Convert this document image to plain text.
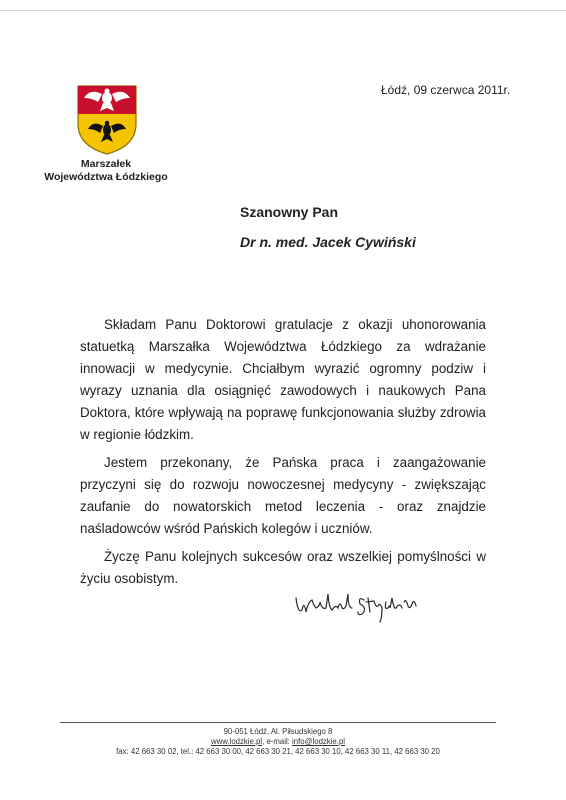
Marszałek
Województwa Łódzkiego
Łódź, 09 czerwca 2011r.
Szanowny Pan
Dr n. med. Jacek Cywiński

Składam Panu Doktorowi gratulacje z okazji uhonorowania statuetką Marszałka Województwa Łódzkiego za wdrażanie innowacji w medycynie. Chciałbym wyrazić ogromny podziw i wyrazy uznania dla osiągnięć zawodowych i naukowych Pana Doktora, które wpływają na poprawę funkcjonowania służby zdrowia w regionie łódzkim.

Jestem przekonany, że Pańska praca i zaangażowanie przyczyni się do rozwoju nowoczesnej medycyny - zwiększając zaufanie do nowatorskich metod leczenia - oraz znajdzie naśladowców wśród Pańskich kolegów i uczniów.

Życzę Panu kolejnych sukcesów oraz wszelkiej pomyślności w życiu osobistym.

90-051 Łódź, Al. Piłsudskiego 8
www.lodzkie.pl, e-mail: info@lodzkie.pl
fax: 42 663 30 02, tel.: 42 663 30 00, 42 663 30 21, 42 663 30 10, 42 663 30 11, 42 663 30 20
